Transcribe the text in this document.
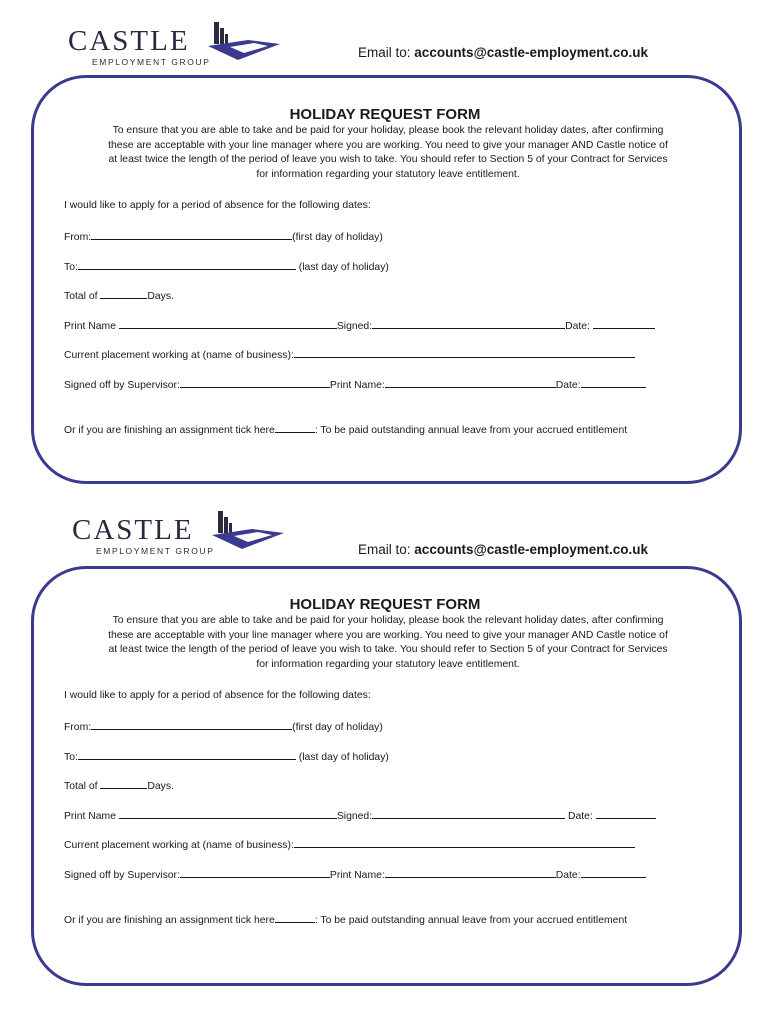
CASTLE
EMPLOYMENT GROUP
Email to: accounts@castle-employment.co.uk
HOLIDAY REQUEST FORM
To ensure that you are able to take and be paid for your holiday, please book the relevant holiday dates, after confirming
these are acceptable with your line manager where you are working. You need to give your manager AND Castle notice of
at least twice the length of the period of leave you wish to take. You should refer to Section 5 of your Contract for Services
for information regarding your statutory leave entitlement.
I would like to apply for a period of absence for the following dates:
From:	(first day of holiday)
To:	(last day of holiday)
Total of	Days.
Print Name	Signed:	Date:
Current placement working at (name of business):
Signed off by Supervisor:	Print Name:	Date:
Or if you are finishing an assignment tick here	: To be paid outstanding annual leave from your accrued entitlement
CASTLE
EMPLOYMENT GROUP	Email to: accounts@castle-employment.co.uk
HOLIDAY REQUEST FORM
To ensure that you are able to take and be paid for your holiday, please book the relevant holiday dates, after confirming
these are acceptable with your line manager where you are working. You need to give your manager AND Castle notice of
at least twice the length of the period of leave you wish to take. You should refer to Section 5 of your Contract for Services
for information regarding your statutory leave entitlement.
I would like to apply for a period of absence for the following dates:
From:	(first day of holiday)
To:	(last day of holiday)
Total of	Days.
Print Name	Signed:	Date:
Current placement working at (name of business):
Signed off by Supervisor:	Print Name:	Date:
Or if you are finishing an assignment tick here	: To be paid outstanding annual leave from your accrued entitlement
